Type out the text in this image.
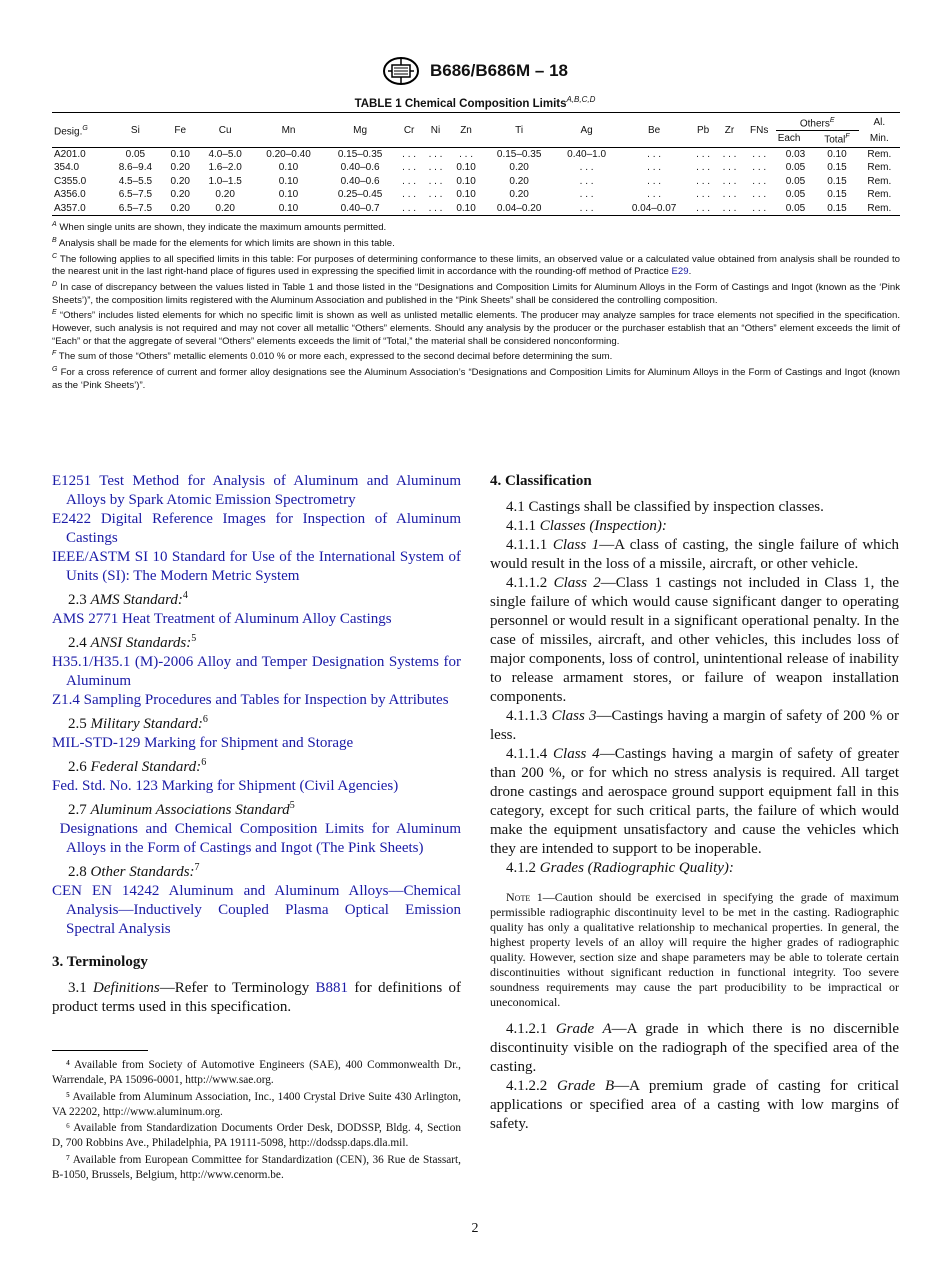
B686/B686M – 18
TABLE 1 Chemical Composition Limits$^{A,B,C,D}$
Desig.$^G$	Si	Fe	Cu	Mn	Mg	Cr	Ni	Zn	Ti	Ag	Be	Pb	Zr	FNs	Others$^E$		Al.
															Each	Total$^F$	Min.
A201.0	0.05	0.10	4.0–5.0	0.20–0.40	0.15–0.35	. . .	. . .	. . .	0.15–0.35	0.40–1.0	. . .	. . .	. . .	. . .	0.03	0.10	Rem.
354.0	8.6–9.4	0.20	1.6–2.0	0.10	0.40–0.6	. . .	. . .	0.10	0.20	. . .	. . .	. . .	. . .	. . .	0.05	0.15	Rem.
C355.0	4.5–5.5	0.20	1.0–1.5	0.10	0.40–0.6	. . .	. . .	0.10	0.20	. . .	. . .	. . .	. . .	. . .	0.05	0.15	Rem.
A356.0	6.5–7.5	0.20	0.20	0.10	0.25–0.45	. . .	. . .	0.10	0.20	. . .	. . .	. . .	. . .	. . .	0.05	0.15	Rem.
A357.0	6.5–7.5	0.20	0.20	0.10	0.40–0.7	. . .	. . .	0.10	0.04–0.20	. . .	0.04–0.07	. . .	. . .	. . .	0.05	0.15	Rem.

$^A$ When single units are shown, they indicate the maximum amounts permitted.

$^B$ Analysis shall be made for the elements for which limits are shown in this table.

$^C$ The following applies to all specified limits in this table: For purposes of determining conformance to these limits, an observed value or a calculated value obtained from analysis shall be rounded to the nearest unit in the last right-hand place of figures used in expressing the specified limit in accordance with the rounding-off method of Practice E29.

$^D$ In case of discrepancy between the values listed in Table 1 and those listed in the “Designations and Composition Limits for Aluminum Alloys in the Form of Castings and Ingot (known as the ‘Pink Sheets’)”, the composition limits registered with the Aluminum Association and published in the “Pink Sheets” shall be considered the controlling composition.

$^E$ “Others” includes listed elements for which no specific limit is shown as well as unlisted metallic elements. The producer may analyze samples for trace elements not specified in the specification. However, such analysis is not required and may not cover all metallic “Others” elements. Should any analysis by the producer or the purchaser establish that an “Others” element exceeds the limit of “Each” or that the aggregate of several “Others” elements exceeds the limit of “Total,” the material shall be considered nonconforming.

$^F$ The sum of those “Others” metallic elements 0.010 % or more each, expressed to the second decimal before determining the sum.

$^G$ For a cross reference of current and former alloy designations see the Aluminum Association’s “Designations and Composition Limits for Aluminum Alloys in the Form of Castings and Ingot (known as the ‘Pink Sheets’)”.

E1251 Test Method for Analysis of Aluminum and Aluminum Alloys by Spark Atomic Emission Spectrometry

E2422 Digital Reference Images for Inspection of Aluminum Castings

IEEE/ASTM SI 10 Standard for Use of the International System of Units (SI): The Modern Metric System

2.3 AMS Standard:$^4$

AMS 2771 Heat Treatment of Aluminum Alloy Castings

2.4 ANSI Standards:$^5$

H35.1/H35.1 (M)-2006 Alloy and Temper Designation Systems for Aluminum

Z1.4 Sampling Procedures and Tables for Inspection by Attributes

2.5 Military Standard:$^6$

MIL-STD-129 Marking for Shipment and Storage

2.6 Federal Standard:$^6$

Fed. Std. No. 123 Marking for Shipment (Civil Agencies)

2.7 Aluminum Associations Standard$^5$

Designations and Chemical Composition Limits for Aluminum Alloys in the Form of Castings and Ingot (The Pink Sheets)

2.8 Other Standards:$^7$

CEN EN 14242 Aluminum and Aluminum Alloys—Chemical Analysis—Inductively Coupled Plasma Optical Emission Spectral Analysis

3. Terminology

3.1 Definitions—Refer to Terminology B881 for definitions of product terms used in this specification.

4. Classification

4.1 Castings shall be classified by inspection classes.

4.1.1 Classes (Inspection):

4.1.1.1 Class 1—A class of casting, the single failure of which would result in the loss of a missile, aircraft, or other vehicle.

4.1.1.2 Class 2—Class 1 castings not included in Class 1, the single failure of which would cause significant danger to operating personnel or would result in a significant operational penalty. In the case of missiles, aircraft, and other vehicles, this includes loss of major components, loss of control, unintentional release of inability to release armament stores, or failure of weapon installation components.

4.1.1.3 Class 3—Castings having a margin of safety of 200 % or less.

4.1.1.4 Class 4—Castings having a margin of safety of greater than 200 %, or for which no stress analysis is required. All target drone castings and aerospace ground support equipment fall in this category, except for such critical parts, the failure of which would make the equipment unsatisfactory and cause the vehicles which they are intended to support to be inoperable.

4.1.2 Grades (Radiographic Quality):

Note 1—Caution should be exercised in specifying the grade of maximum permissible radiographic discontinuity level to be met in the casting. Radiographic quality has only a qualitative relationship to mechanical properties. In general, the highest property levels of an alloy will require the higher grades of radiographic quality. However, section size and shape parameters may be able to tolerate certain discontinuities without significant reduction in functional integrity. Too severe soundness requirements may cause the part producibility to be impractical or uneconomical.

4.1.2.1 Grade A—A grade in which there is no discernible discontinuity visible on the radiograph of the specified area of the casting.

4.1.2.2 Grade B—A premium grade of casting for critical applications or specified area of a casting with low margins of safety.

⁴ Available from Society of Automotive Engineers (SAE), 400 Commonwealth Dr., Warrendale, PA 15096-0001, http://www.sae.org.

⁵ Available from Aluminum Association, Inc., 1400 Crystal Drive Suite 430 Arlington, VA 22202, http://www.aluminum.org.

⁶ Available from Standardization Documents Order Desk, DODSSP, Bldg. 4, Section D, 700 Robbins Ave., Philadelphia, PA 19111-5098, http://dodssp.daps.dla.mil.

⁷ Available from European Committee for Standardization (CEN), 36 Rue de Stassart, B-1050, Brussels, Belgium, http://www.cenorm.be.

2
